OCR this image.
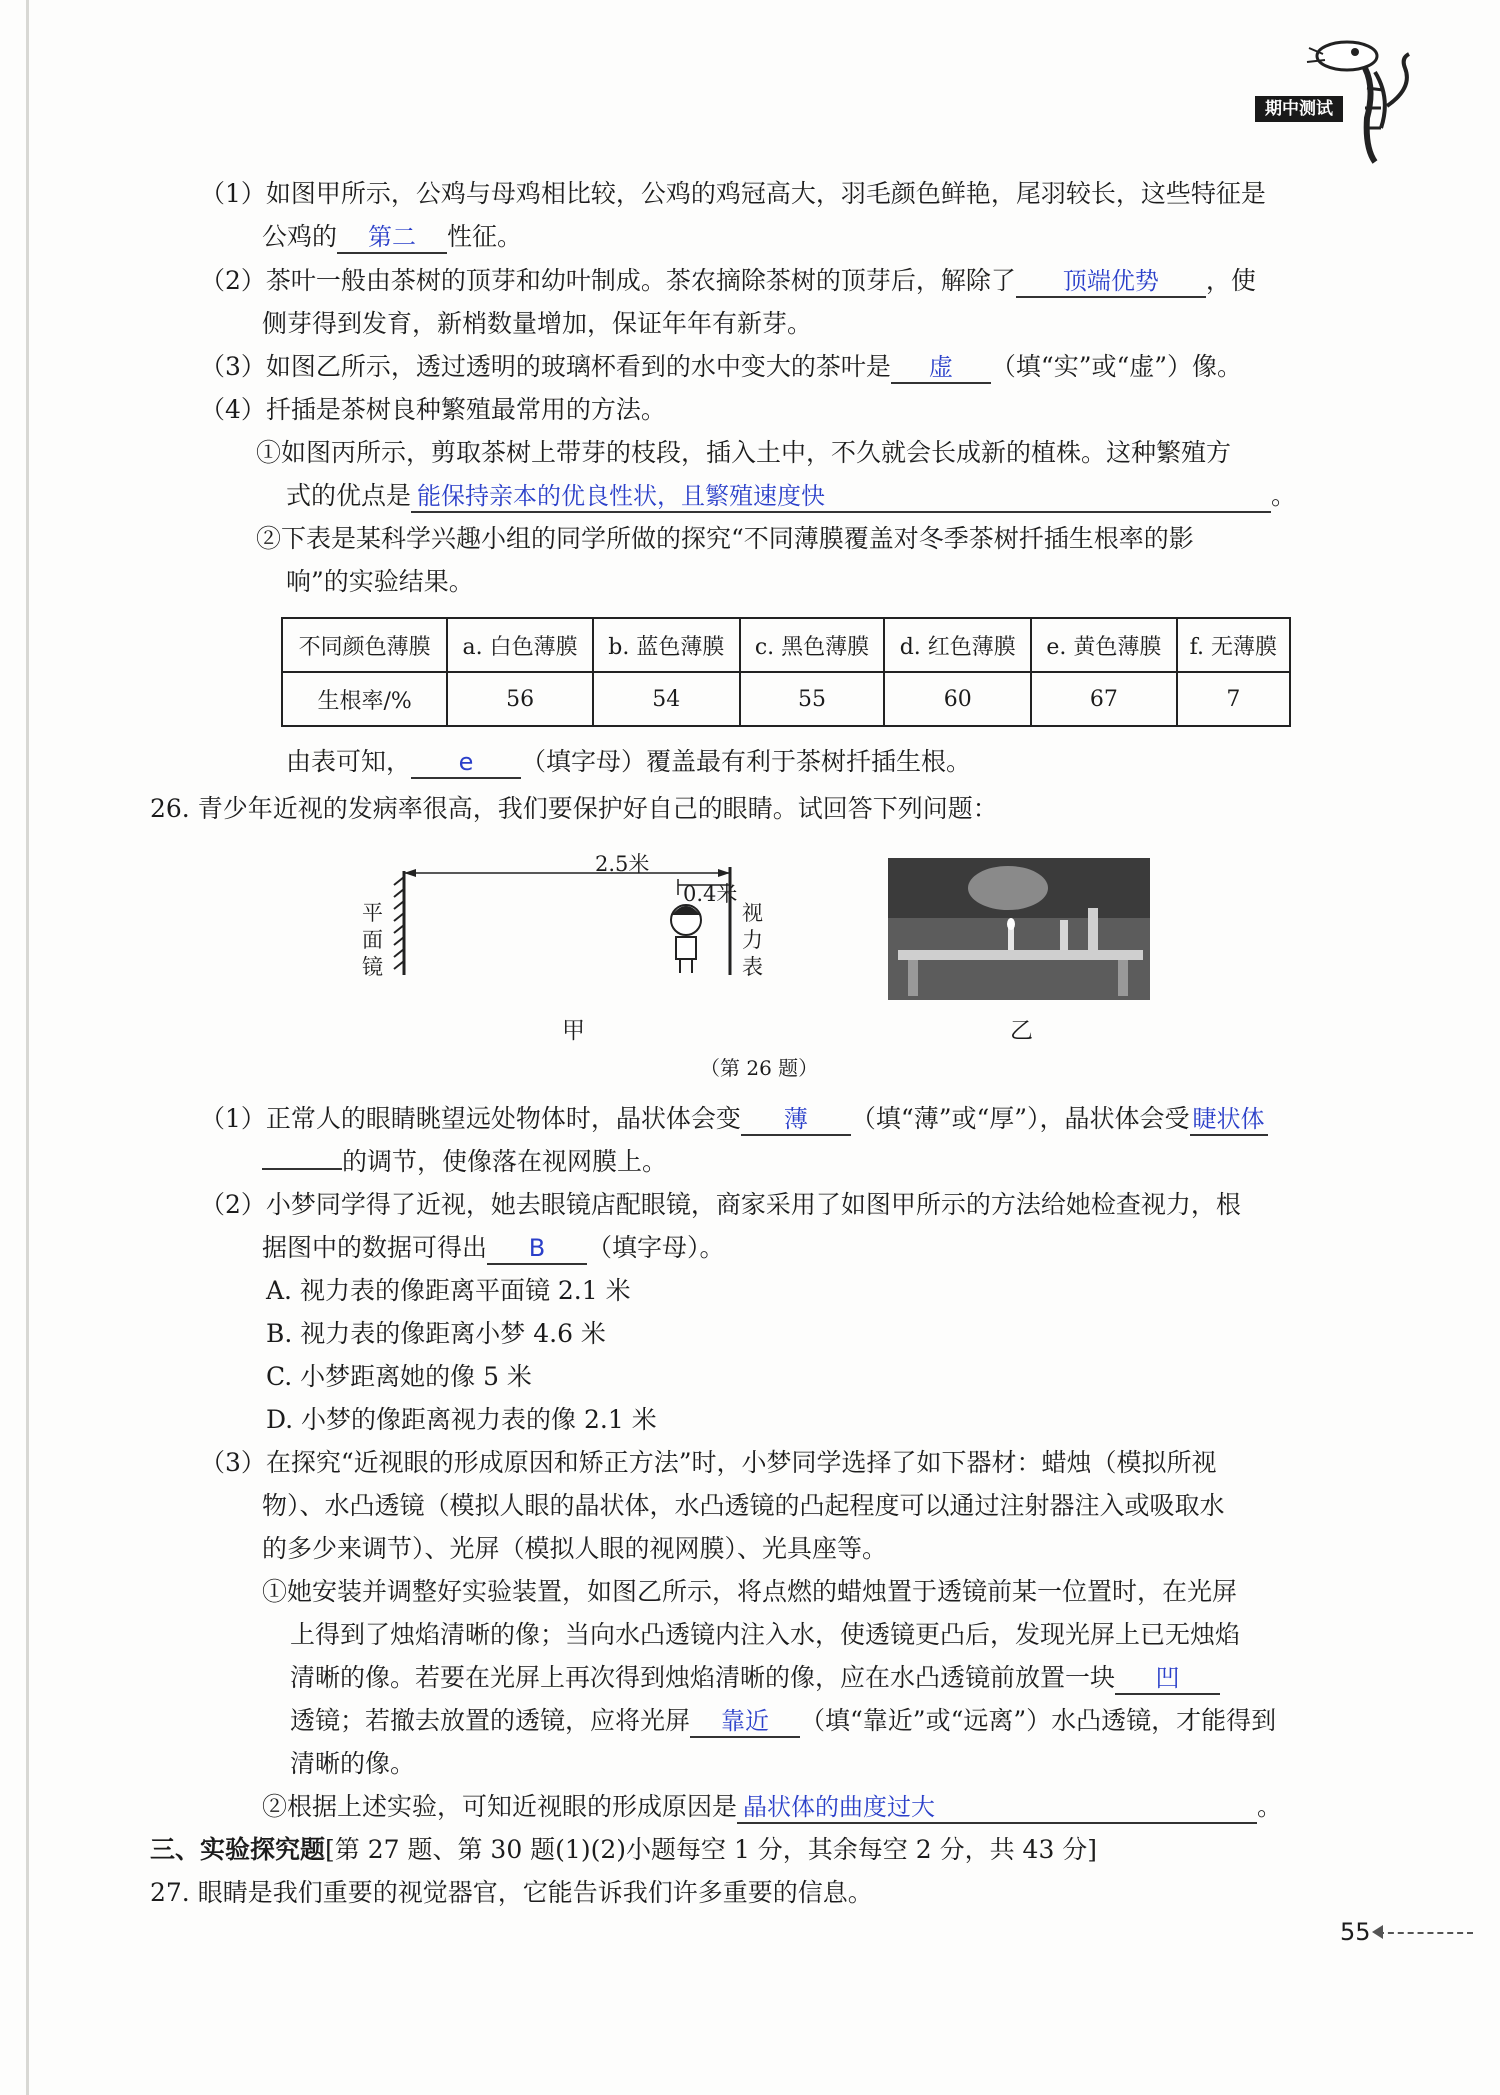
期中测试
（1）如图甲所示，公鸡与母鸡相比较，公鸡的鸡冠高大，羽毛颜色鲜艳，尾羽较长，这些特征是
公鸡的 第二 性征。
（2）茶叶一般由茶树的顶芽和幼叶制成。茶农摘除茶树的顶芽后，解除了 顶端优势 ，使
侧芽得到发育，新梢数量增加，保证年年有新芽。
（3）如图乙所示，透过透明的玻璃杯看到的水中变大的茶叶是 虚 （填“实”或“虚”）像。
（4）扦插是茶树良种繁殖最常用的方法。
①如图丙所示，剪取茶树上带芽的枝段，插入土中，不久就会长成新的植株。这种繁殖方
式的优点是 能保持亲本的优良性状，且繁殖速度快	。
②下表是某科学兴趣小组的同学所做的探究“不同薄膜覆盖对冬季茶树扦插生根率的影
响”的实验结果。
不同颜色薄膜	a. 白色薄膜	b. 蓝色薄膜	c. 黑色薄膜	d. 红色薄膜	e. 黄色薄膜	f. 无薄膜
生根率/%	56	54	55	60	67	7
由表可知， e （填字母）覆盖最有利于茶树扦插生根。
26. 青少年近视的发病率很高，我们要保护好自己的眼睛。试回答下列问题：
2.5米
0.4米
平面镜
视力表
甲	乙
（第 26 题）
（1）正常人的眼睛眺望远处物体时，晶状体会变 薄 （填“薄”或“厚”），晶状体会受 睫状体
的调节，使像落在视网膜上。
（2）小梦同学得了近视，她去眼镜店配眼镜，商家采用了如图甲所示的方法给她检查视力，根
据图中的数据可得出 B （填字母）。
A. 视力表的像距离平面镜 2.1 米
B. 视力表的像距离小梦 4.6 米
C. 小梦距离她的像 5 米
D. 小梦的像距离视力表的像 2.1 米
（3）在探究“近视眼的形成原因和矫正方法”时，小梦同学选择了如下器材：蜡烛（模拟所视
物）、水凸透镜（模拟人眼的晶状体，水凸透镜的凸起程度可以通过注射器注入或吸取水
的多少来调节）、光屏（模拟人眼的视网膜）、光具座等。
①她安装并调整好实验装置，如图乙所示，将点燃的蜡烛置于透镜前某一位置时，在光屏
上得到了烛焰清晰的像；当向水凸透镜内注入水，使透镜更凸后，发现光屏上已无烛焰
清晰的像。若要在光屏上再次得到烛焰清晰的像，应在水凸透镜前放置一块 凹
透镜；若撤去放置的透镜，应将光屏 靠近 （填“靠近”或“远离”）水凸透镜，才能得到
清晰的像。
②根据上述实验，可知近视眼的形成原因是 晶状体的曲度过大	。
三、实验探究题[第 27 题、第 30 题(1)(2)小题每空 1 分，其余每空 2 分，共 43 分]
27. 眼睛是我们重要的视觉器官，它能告诉我们许多重要的信息。
55
